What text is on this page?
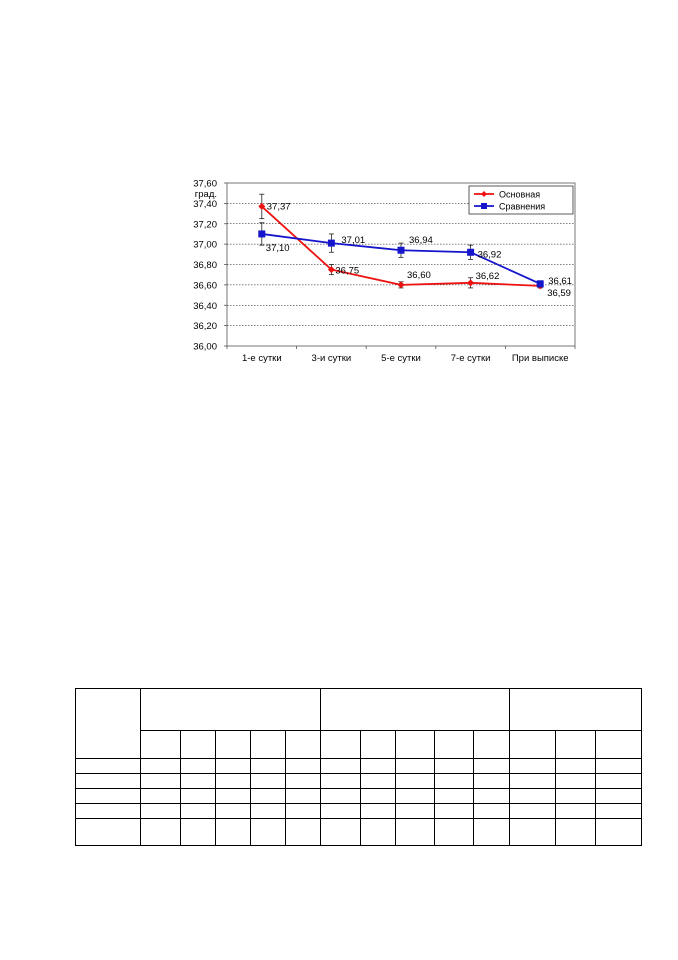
град.
36,00
36,20
36,40
36,60
36,80
37,00
37,20
37,40
37,60
1-е сутки	3-и сутки	5-е сутки	7-е сутки При выписке
37,37
36,75	36,60	36,62
36,59
37,10
37,01	36,94
36,92
36,61
Основная
Сравнения
